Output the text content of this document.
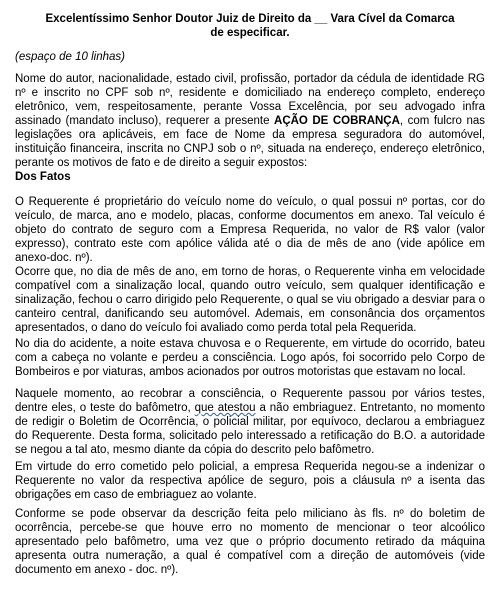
Excelentíssimo Senhor Doutor Juiz de Direito da __ Vara Cível da Comarca
de especificar.
(espaço de 10 linhas)

Nome do autor, nacionalidade, estado civil, profissão, portador da cédula de identidade RG nº e inscrito no CPF sob nº, residente e domiciliado na endereço completo, endereço eletrônico, vem, respeitosamente, perante Vossa Excelência, por seu advogado infra assinado (mandato incluso), requerer a presente AÇÃO DE COBRANÇA, com fulcro nas legislações ora aplicáveis, em face de Nome da empresa seguradora do automóvel, instituição financeira, inscrita no CNPJ sob o nº, situada na endereço, endereço eletrônico, perante os motivos de fato e de direito a seguir expostos:

Dos Fatos

O Requerente é proprietário do veículo nome do veículo, o qual possui nº portas, cor do veículo, de marca, ano e modelo, placas, conforme documentos em anexo. Tal veículo é objeto do contrato de seguro com a Empresa Requerida, no valor de R$ valor (valor expresso), contrato este com apólice válida até o dia de mês de ano (vide apólice em anexo-doc. nº).

Ocorre que, no dia de mês de ano, em torno de horas, o Requerente vinha em velocidade compatível com a sinalização local, quando outro veículo, sem qualquer identificação e sinalização, fechou o carro dirigido pelo Requerente, o qual se viu obrigado a desviar para o canteiro central, danificando seu automóvel. Ademais, em consonância dos orçamentos apresentados, o dano do veículo foi avaliado como perda total pela Requerida.

No dia do acidente, a noite estava chuvosa e o Requerente, em virtude do ocorrido, bateu com a cabeça no volante e perdeu a consciência. Logo após, foi socorrido pelo Corpo de Bombeiros e por viaturas, ambos acionados por outros motoristas que estavam no local.

Naquele momento, ao recobrar a consciência, o Requerente passou por vários testes, dentre eles, o teste do bafômetro, que atestou a não embriaguez. Entretanto, no momento de redigir o Boletim de Ocorrência, o policial militar, por equívoco, declarou a embriaguez do Requerente. Desta forma, solicitado pelo interessado a retificação do B.O. a autoridade se negou a tal ato, mesmo diante da cópia do descrito pelo bafômetro.

Em virtude do erro cometido pelo policial, a empresa Requerida negou-se a indenizar o Requerente no valor da respectiva apólice de seguro, pois a cláusula nº a isenta das obrigações em caso de embriaguez ao volante.

Conforme se pode observar da descrição feita pelo miliciano às fls. nº do boletim de ocorrência, percebe-se que houve erro no momento de mencionar o teor alcoólico apresentado pelo bafômetro, uma vez que o próprio documento retirado da máquina apresenta outra numeração, a qual é compatível com a direção de automóveis (vide documento em anexo - doc. nº).
